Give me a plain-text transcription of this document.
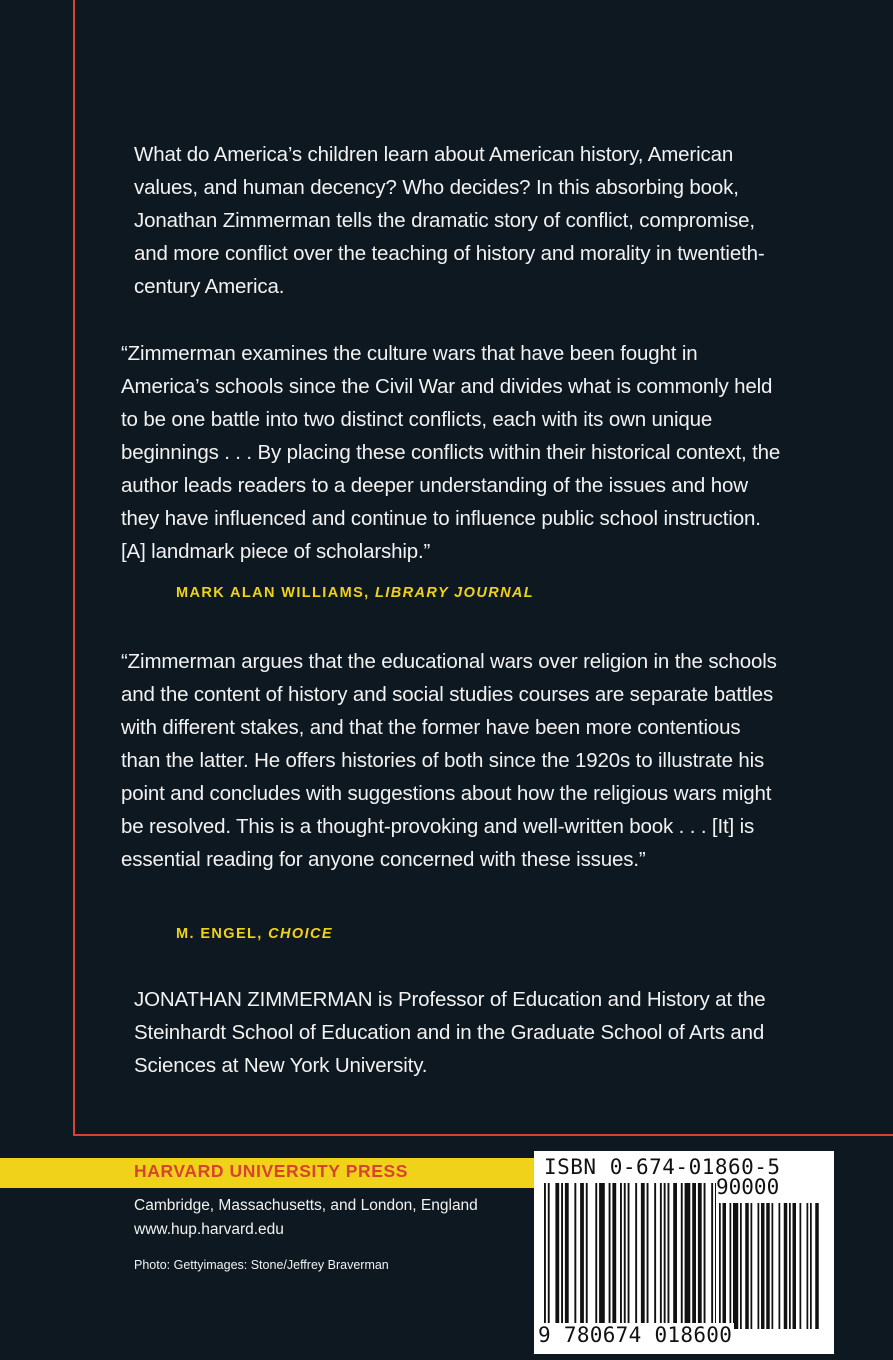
What do America’s children learn about American history, American values, and human decency? Who decides? In this absorbing book, Jonathan Zimmerman tells the dramatic story of conflict, compromise, and more conflict over the teaching of history and morality in twentieth-century America.

“Zimmerman examines the culture wars that have been fought in America’s schools since the Civil War and divides what is commonly held to be one battle into two distinct conflicts, each with its own unique beginnings . . . By placing these conflicts within their historical context, the author leads readers to a deeper understanding of the issues and how they have influenced and continue to influence public school instruction. [A] landmark piece of scholarship.”

MARK ALAN WILLIAMS, LIBRARY JOURNAL

“Zimmerman argues that the educational wars over religion in the schools and the content of history and social studies courses are separate battles with different stakes, and that the former have been more contentious than the latter. He offers histories of both since the 1920s to illustrate his point and concludes with suggestions about how the religious wars might be resolved. This is a thought-provoking and well-written book . . . [It] is essential reading for anyone concerned with these issues.”

M. ENGEL, CHOICE

JONATHAN ZIMMERMAN is Professor of Education and History at the Steinhardt School of Education and in the Graduate School of Arts and Sciences at New York University.

HARVARD UNIVERSITY PRESS

Cambridge, Massachusetts, and London, England

www.hup.harvard.edu

Photo: Gettyimages: Stone/Jeffrey Braverman

ISBN 0-674-01860-5

90000

9 780674 018600
